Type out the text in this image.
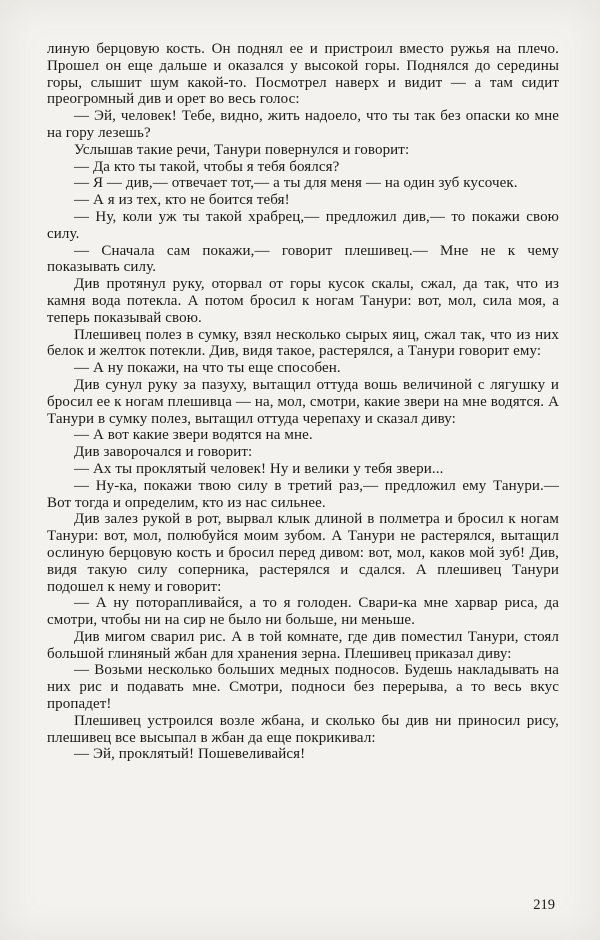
линую берцовую кость. Он поднял ее и пристроил вместо ружья на плечо. Прошел он еще дальше и оказался у высокой горы. Поднялся до середины горы, слышит шум какой-то. Посмотрел наверх и видит — а там сидит преогромный див и орет во весь голос:

— Эй, человек! Тебе, видно, жить надоело, что ты так без опаски ко мне на гору лезешь?

Услышав такие речи, Танури повернулся и говорит:

— Да кто ты такой, чтобы я тебя боялся?

— Я — див,— отвечает тот,— а ты для меня — на один зуб кусочек.

— А я из тех, кто не боится тебя!

— Ну, коли уж ты такой храбрец,— предложил див,— то покажи свою силу.

— Сначала сам покажи,— говорит плешивец.— Мне не к чему показывать силу.

Див протянул руку, оторвал от горы кусок скалы, сжал, да так, что из камня вода потекла. А потом бросил к ногам Танури: вот, мол, сила моя, а теперь показывай свою.

Плешивец полез в сумку, взял несколько сырых яиц, сжал так, что из них белок и желток потекли. Див, видя такое, растерялся, а Танури говорит ему:

— А ну покажи, на что ты еще способен.

Див сунул руку за пазуху, вытащил оттуда вошь величиной с лягушку и бросил ее к ногам плешивца — на, мол, смотри, какие звери на мне водятся. А Танури в сумку полез, вытащил оттуда черепаху и сказал диву:

— А вот какие звери водятся на мне.

Див заворочался и говорит:

— Ах ты проклятый человек! Ну и велики у тебя звери...

— Ну-ка, покажи твою силу в третий раз,— предложил ему Танури.— Вот тогда и определим, кто из нас сильнее.

Див залез рукой в рот, вырвал клык длиной в полметра и бросил к ногам Танури: вот, мол, полюбуйся моим зубом. А Танури не растерялся, вытащил ослиную берцовую кость и бросил перед дивом: вот, мол, каков мой зуб! Див, видя такую силу соперника, растерялся и сдался. А плешивец Танури подошел к нему и говорит:

— А ну поторапливайся, а то я голоден. Свари-ка мне харвар риса, да смотри, чтобы ни на сир не было ни больше, ни меньше.

Див мигом сварил рис. А в той комнате, где див поместил Танури, стоял большой глиняный жбан для хранения зерна. Плешивец приказал диву:

— Возьми несколько больших медных подносов. Будешь накладывать на них рис и подавать мне. Смотри, подноси без перерыва, а то весь вкус пропадет!

Плешивец устроился возле жбана, и сколько бы див ни приносил рису, плешивец все высыпал в жбан да еще покрикивал:

— Эй, проклятый! Пошевеливайся!

219
